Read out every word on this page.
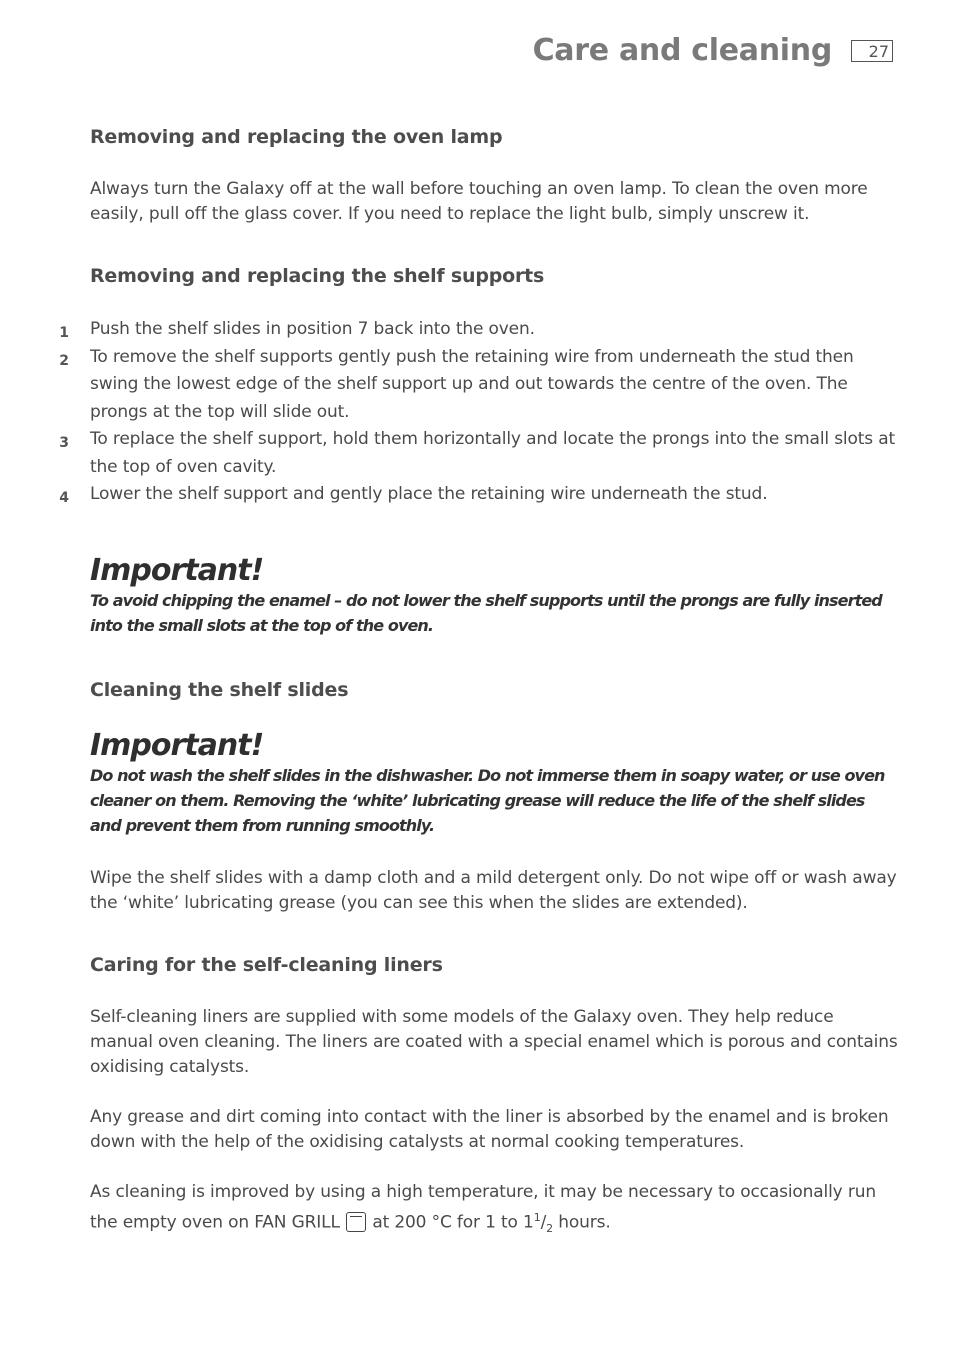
Care and cleaning	27
Removing and replacing the oven lamp

Always turn the Galaxy off at the wall before touching an oven lamp. To clean the oven more easily, pull off the glass cover. If you need to replace the light bulb, simply unscrew it.

Removing and replacing the shelf supports
1 Push the shelf slides in position 7 back into the oven.
2 To remove the shelf supports gently push the retaining wire from underneath the stud then swing the lowest edge of the shelf support up and out towards the centre of the oven. The prongs at the top will slide out.
3 To replace the shelf support, hold them horizontally and locate the prongs into the small slots at the top of oven cavity.
4 Lower the shelf support and gently place the retaining wire underneath the stud.
Important!

To avoid chipping the enamel – do not lower the shelf supports until the prongs are fully inserted into the small slots at the top of the oven.

Cleaning the shelf slides
Important!

Do not wash the shelf slides in the dishwasher. Do not immerse them in soapy water, or use oven cleaner on them. Removing the ‘white’ lubricating grease will reduce the life of the shelf slides and prevent them from running smoothly.

Wipe the shelf slides with a damp cloth and a mild detergent only. Do not wipe off or wash away the ‘white’ lubricating grease (you can see this when the slides are extended).

Caring for the self-cleaning liners

Self-cleaning liners are supplied with some models of the Galaxy oven. They help reduce manual oven cleaning. The liners are coated with a special enamel which is porous and contains oxidising catalysts.

Any grease and dirt coming into contact with the liner is absorbed by the enamel and is broken down with the help of the oxidising catalysts at normal cooking temperatures.

As cleaning is improved by using a high temperature, it may be necessary to occasionally run the empty oven on FAN GRILL at 200 °C for 1 to $1^1/_2$ hours.
